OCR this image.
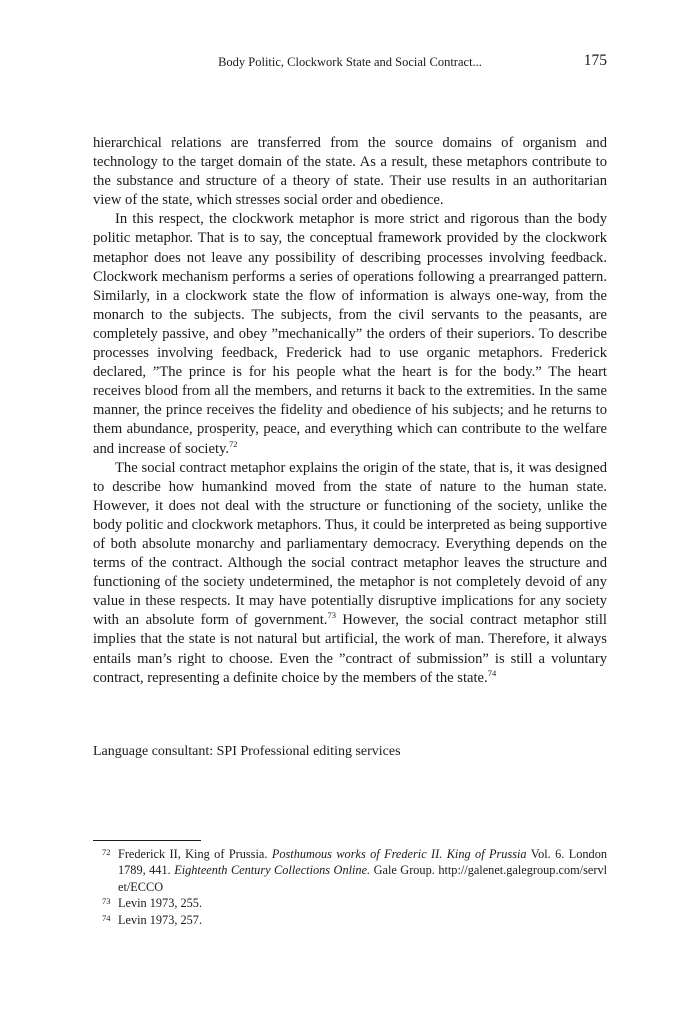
Body Politic, Clockwork State and Social Contract...	175

hierarchical relations are transferred from the source domains of organism and technology to the target domain of the state. As a result, these metaphors contribute to the substance and structure of a theory of state. Their use results in an authoritarian view of the state, which stresses social order and obedience.

In this respect, the clockwork metaphor is more strict and rigorous than the body politic metaphor. That is to say, the conceptual framework provided by the clockwork metaphor does not leave any possibility of describing processes involving feedback. Clockwork mechanism performs a series of operations following a prearranged pattern. Similarly, in a clockwork state the flow of information is always one-way, from the monarch to the subjects. The subjects, from the civil servants to the peasants, are completely passive, and obey ”mechanically” the orders of their superiors. To describe processes involving feedback, Frederick had to use organic metaphors. Frederick declared, ”The prince is for his people what the heart is for the body.” The heart receives blood from all the members, and returns it back to the extremities. In the same manner, the prince receives the fidelity and obedience of his subjects; and he returns to them abundance, prosperity, peace, and everything which can contribute to the welfare and increase of society.$^{72}$

The social contract metaphor explains the origin of the state, that is, it was designed to describe how humankind moved from the state of nature to the human state. However, it does not deal with the structure or functioning of the society, unlike the body politic and clockwork metaphors. Thus, it could be interpreted as being supportive of both absolute monarchy and parliamentary democracy. Everything depends on the terms of the contract. Although the social contract metaphor leaves the structure and functioning of the society undetermined, the metaphor is not completely devoid of any value in these respects. It may have potentially disruptive implications for any society with an absolute form of government.$^{73}$ However, the social contract metaphor still implies that the state is not natural but artificial, the work of man. Therefore, it always entails man’s right to choose. Even the ”contract of submission” is still a voluntary contract, representing a definite choice by the members of the state.$^{74}$

Language consultant: SPI Professional editing services
72 Frederick II, King of Prussia. Posthumous works of Frederic II. King of Prussia Vol. 6. London 1789, 441. Eighteenth Century Collections Online. Gale Group. http://galenet.galegroup.com/servlet/ECCO
73 Levin 1973, 255.
74 Levin 1973, 257.
